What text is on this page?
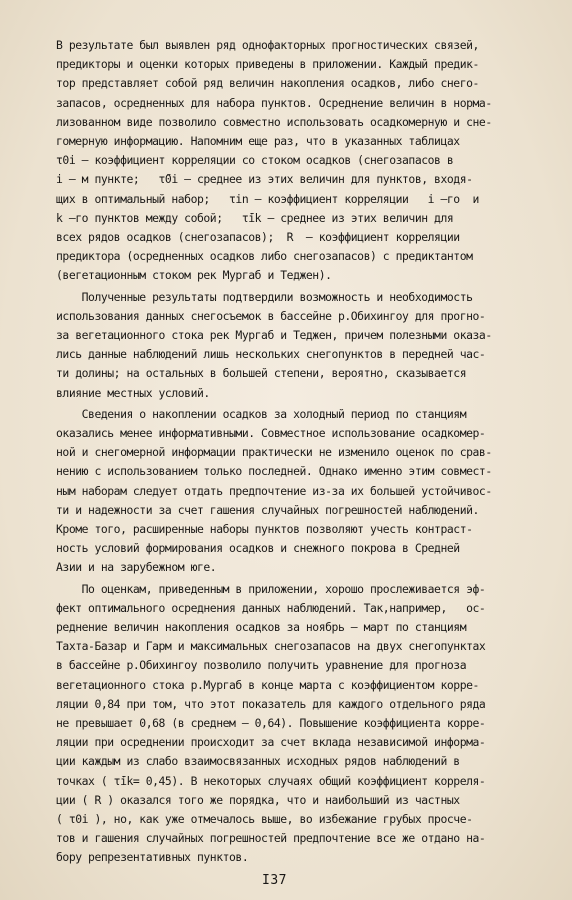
В результате был выявлен ряд однофакторных прогностических связей,
предикторы и оценки которых приведены в приложении. Каждый предик-
тор представляет собой ряд величин накопления осадков, либо снего-
запасов, осредненных для набора пунктов. Осреднение величин в норма-
лизованном виде позволило совместно использовать осадкомерную и сне-
гомерную информацию. Напомним еще раз, что в указанных таблицах
τ0i – коэффициент корреляции со стоком осадков (снегозапасов в
i – м пункте;   τ̄0i – среднее из этих величин для пунктов, входя-
щих в оптимальный набор;   τin – коэффициент корреляции   i –го  и
k –го пунктов между собой;   τ̄ik – среднее из этих величин для
всех рядов осадков (снегозапасов);  R  – коэффициент корреляции
предиктора (осредненных осадков либо снегозапасов) с предиктантом
(вегетационным стоком рек Мургаб и Теджен).
Полученные результаты подтвердили возможность и необходимость
использования данных снегосъемок в бассейне р.Обихингоу для прогно-
за вегетационного стока рек Мургаб и Теджен, причем полезными оказа-
лись данные наблюдений лишь нескольких снегопунктов в передней час-
ти долины; на остальных в большей степени, вероятно, сказывается
влияние местных условий.
Сведения о накоплении осадков за холодный период по станциям
оказались менее информативными. Совместное использование осадкомер-
ной и снегомерной информации практически не изменило оценок по срав-
нению с использованием только последней. Однако именно этим совмест-
ным наборам следует отдать предпочтение из-за их большей устойчивос-
ти и надежности за счет гашения случайных погрешностей наблюдений.
Кроме того, расширенные наборы пунктов позволяют учесть контраст-
ность условий формирования осадков и снежного покрова в Средней
Азии и на зарубежном юге.
По оценкам, приведенным в приложении, хорошо прослеживается эф-
фект оптимального осреднения данных наблюдений. Так,например,   ос-
реднение величин накопления осадков за ноябрь – март по станциям
Тахта-Базар и Гарм и максимальных снегозапасов на двух снегопунктах
в бассейне р.Обихингоу позволило получить уравнение для прогноза
вегетационного стока р.Мургаб в конце марта с коэффициентом корре-
ляции 0,84 при том, что этот показатель для каждого отдельного ряда
не превышает 0,68 (в среднем – 0,64). Повышение коэффициента корре-
ляции при осреднении происходит за счет вклада независимой информа-
ции каждым из слабо взаимосвязанных исходных рядов наблюдений в
точках ( τ̄ik= 0,45). В некоторых случаях общий коэффициент корреля-
ции ( R ) оказался того же порядка, что и наибольший из частных
( τ0i ), но, как уже отмечалось выше, во избежание грубых просчe-
тов и гашения случайных погрешностей предпочтение все же отдано на-
бору репрезентативных пунктов.
I37
